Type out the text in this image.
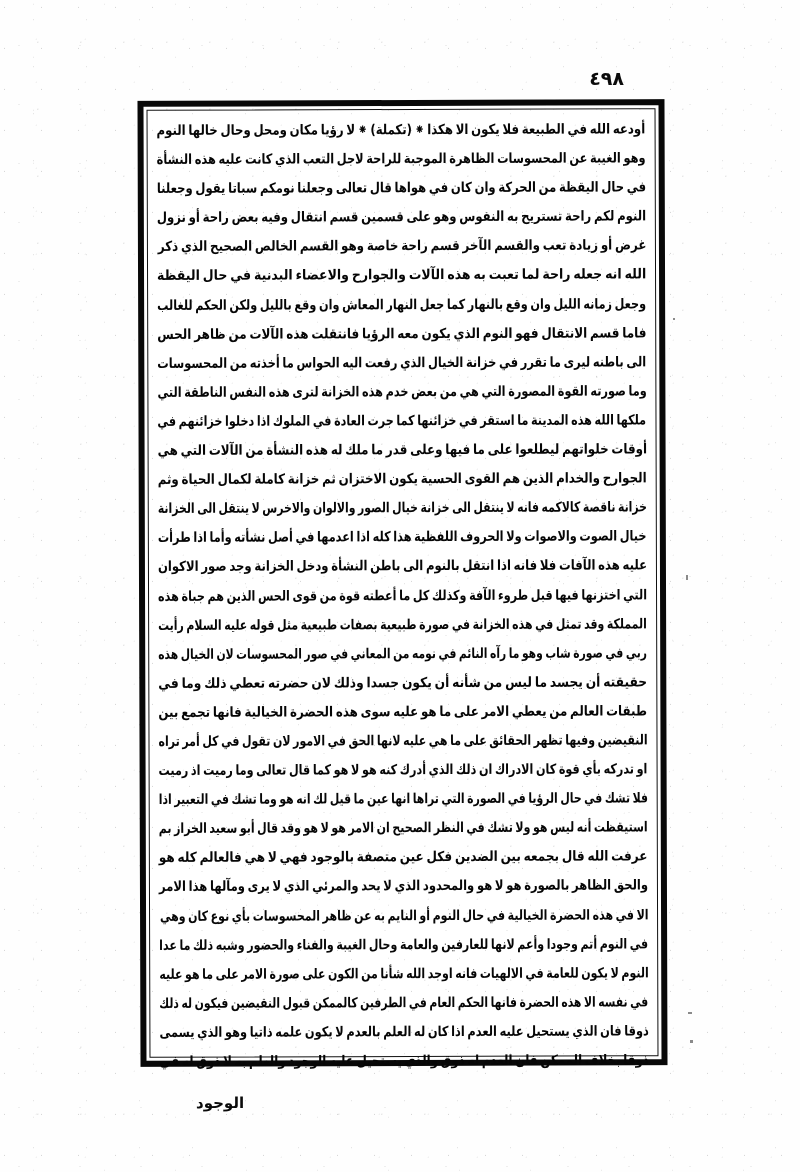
٤٩٨
أودعه الله في الطبيعة فلا يكون الا هكذا ⁕ (تكملة) ⁕ لا رؤيا مكان ومحل وحال خالها النوم
وهو الغيبة عن المحسوسات الظاهرة الموجبة للراحة لاجل التعب الذي كانت عليه هذه النشأة
في حال اليقظة من الحركة وان كان في هواها قال تعالى وجعلنا نومكم سباتا يقول وجعلنا
النوم لكم راحة تستريح به النفوس وهو على قسمين قسم انتقال وفيه بعض راحة أو نزول
غرض أو زيادة تعب والقسم الآخر قسم راحة خاصة وهو القسم الخالص الصحيح الذي ذكر
الله انه جعله راحة لما تعبت به هذه الآلات والجوارح والاعضاء البدنية في حال اليقظة
وجعل زمانه الليل وان وقع بالنهار كما جعل النهار المعاش وان وقع بالليل ولكن الحكم للغالب
فاما قسم الانتقال فهو النوم الذي يكون معه الرؤيا فانتقلت هذه الآلات من ظاهر الحس
الى باطنه ليرى ما تقرر في خزانة الخيال الذي رفعت اليه الحواس ما أخذته من المحسوسات
وما صورته القوة المصورة التي هي من بعض خدم هذه الخزانة لترى هذه النفس الناطقة التي
ملكها الله هذه المدينة ما استقر في خزائنها كما جرت العادة في الملوك اذا دخلوا خزائنهم في
أوقات خلواتهم ليطلعوا على ما فيها وعلى قدر ما ملك له هذه النشأة من الآلات التي هي
الجوارح والخدام الذين هم القوى الحسية يكون الاختزان ثم خزانة كاملة لكمال الحياة وثم
خزانة ناقصة كالاكمه فانه لا ينتقل الى خزانة خيال الصور والالوان والاخرس لا ينتقل الى الخزانة
خيال الصوت والاصوات ولا الحروف اللفظية هذا كله اذا اعدمها في أصل نشأته وأما اذا طرأت
عليه هذه الآفات فلا فانه اذا انتقل بالنوم الى باطن النشأة ودخل الخزانة وجد صور الاكوان
التي اختزنها فيها قبل طروء الآفة وكذلك كل ما أعطته قوة من قوى الحس الذين هم جباة هذه
المملكة وقد تمثل في هذه الخزانة في صورة طبيعية بصفات طبيعية مثل قوله عليه السلام رأيت
ربي في صورة شاب وهو ما رآه النائم في نومه من المعاني في صور المحسوسات لان الخيال هذه
حقيقته أن يجسد ما ليس من شأنه أن يكون جسدا وذلك لان حضرته تعطي ذلك وما في
طبقات العالم من يعطي الامر على ما هو عليه سوى هذه الحضرة الخيالية فانها تجمع بين
النقيضين وفيها تظهر الحقائق على ما هي عليه لانها الحق في الامور لان تقول في كل أمر تراه
او تدركه بأي قوة كان الادراك ان ذلك الذي أدرك كنه هو لا هو كما قال تعالى وما رميت اذ رميت
فلا تشك في حال الرؤيا في الصورة التي تراها انها عين ما قيل لك انه هو وما تشك في التعبير اذا
استيقظت أنه ليس هو ولا تشك في النظر الصحيح ان الامر هو لا هو وقد قال أبو سعيد الخراز بم
عرفت الله قال بجمعه بين الضدين فكل عين متصفة بالوجود فهي لا هي فالعالم كله هو
والحق الظاهر بالصورة هو لا هو والمحدود الذي لا يحد والمرئي الذي لا يرى ومآلها هذا الامر
الا في هذه الحضرة الخيالية في حال النوم أو النايم به عن ظاهر المحسوسات بأي نوع كان وهي
في النوم أتم وجودا وأعم لانها للعارفين والعامة وحال الغيبة والفناء والحضور وشبه ذلك ما عدا
النوم لا يكون للعامة في الالهيات فانه اوجد الله شأنا من الكون على صورة الامر على ما هو عليه
في نفسه الا هذه الحضرة فانها الحكم العام في الطرفين كالممكن قبول النقيضين فيكون له ذلك
ذوقا فان الذي يستحيل عليه العدم اذا كان له العلم بالعدم لا يكون علمه ذاتيا وهو الذي يسمى
ذوقا بخلاف الممكن فان العدم له ذوق والذي يستحيل عليه الوجود والعلم به لا ذوق له في
الوجود
